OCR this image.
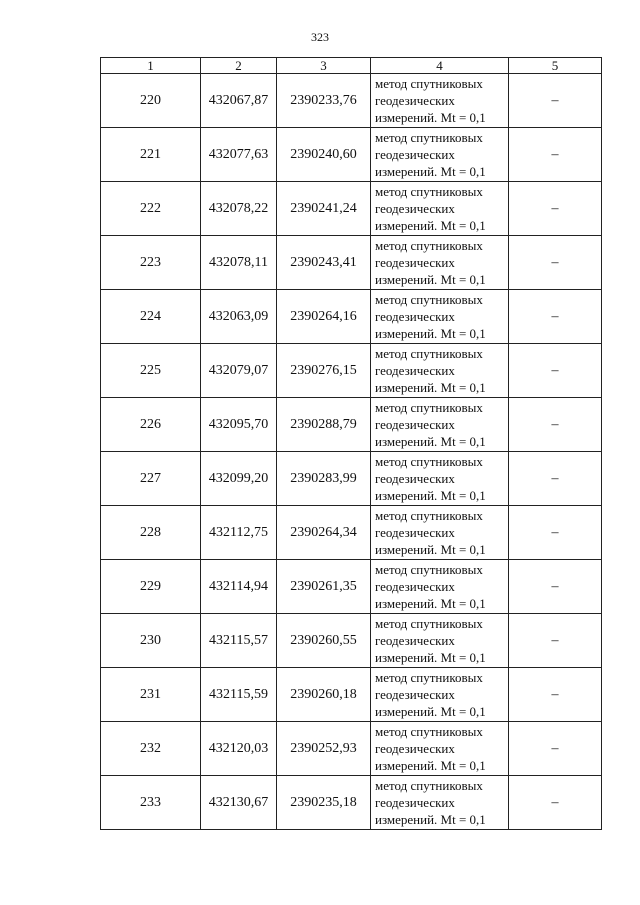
323
1	2	3	4	5
220	432067,87	2390233,76	метод спутниковых
геодезических
измерений. Mt = 0,1	–
221	432077,63	2390240,60	метод спутниковых
геодезических
измерений. Mt = 0,1	–
222	432078,22	2390241,24	метод спутниковых
геодезических
измерений. Mt = 0,1	–
223	432078,11	2390243,41	метод спутниковых
геодезических
измерений. Mt = 0,1	–
224	432063,09	2390264,16	метод спутниковых
геодезических
измерений. Mt = 0,1	–
225	432079,07	2390276,15	метод спутниковых
геодезических
измерений. Mt = 0,1	–
226	432095,70	2390288,79	метод спутниковых
геодезических
измерений. Mt = 0,1	–
227	432099,20	2390283,99	метод спутниковых
геодезических
измерений. Mt = 0,1	–
228	432112,75	2390264,34	метод спутниковых
геодезических
измерений. Mt = 0,1	–
229	432114,94	2390261,35	метод спутниковых
геодезических
измерений. Mt = 0,1	–
230	432115,57	2390260,55	метод спутниковых
геодезических
измерений. Mt = 0,1	–
231	432115,59	2390260,18	метод спутниковых
геодезических
измерений. Mt = 0,1	–
232	432120,03	2390252,93	метод спутниковых
геодезических
измерений. Mt = 0,1	–
233	432130,67	2390235,18	метод спутниковых
геодезических
измерений. Mt = 0,1	–
